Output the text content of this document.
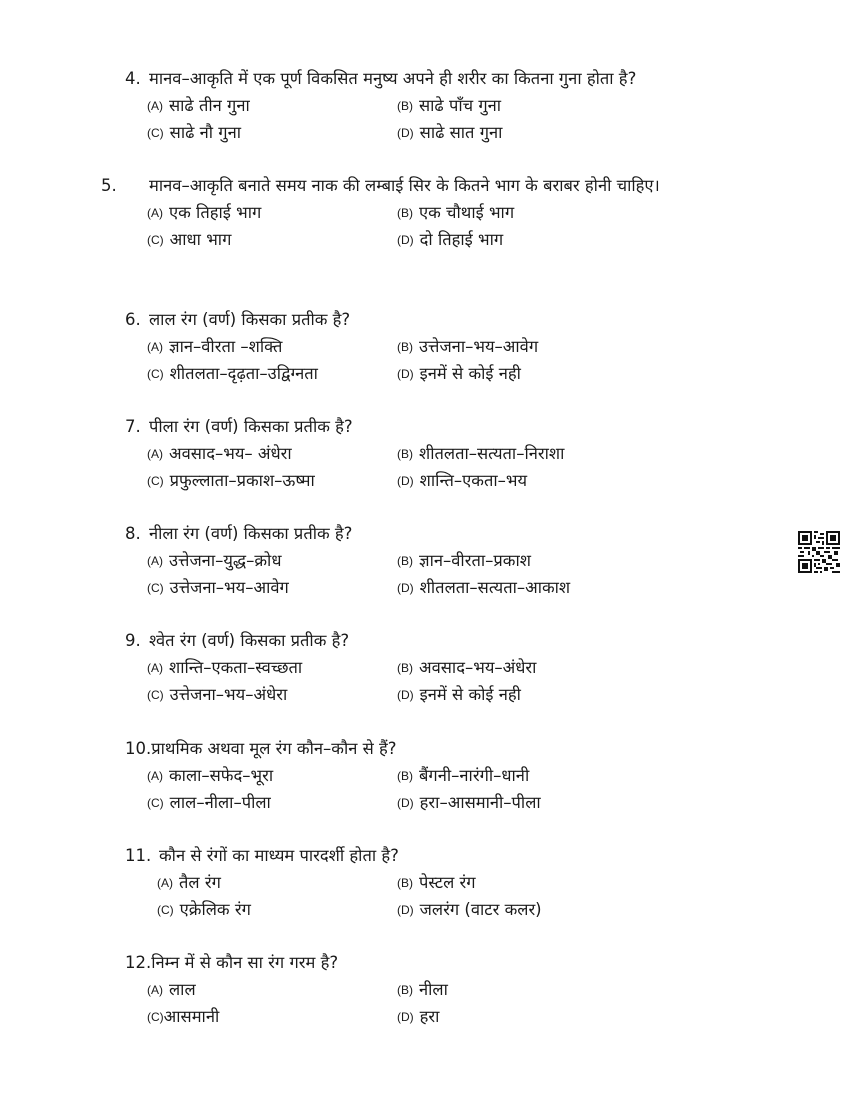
4. मानव–आकृति में एक पूर्ण विकसित मनुष्य अपने ही शरीर का कितना गुना होता है?
(A) साढे तीन गुना	(B) साढे पाँच गुना
(C) साढे नौ गुना	(D) साढे सात गुना
5. मानव–आकृति बनाते समय नाक की लम्बाई सिर के कितने भाग के बराबर होनी चाहिए।
(A) एक तिहाई भाग	(B) एक चौथाई भाग
(C) आधा भाग	(D) दो तिहाई भाग
6. लाल रंग (वर्ण) किसका प्रतीक है?
(A) ज्ञान–वीरता –शक्ति	(B) उत्तेजना–भय–आवेग
(C) शीतलता–दृढ़ता–उद्विग्नता	(D) इनमें से कोई नही
7. पीला रंग (वर्ण) किसका प्रतीक है?
(A) अवसाद–भय– अंधेरा	(B) शीतलता–सत्यता–निराशा
(C) प्रफुल्लाता–प्रकाश–ऊष्मा	(D) शान्ति–एकता–भय
8. नीला रंग (वर्ण) किसका प्रतीक है?
(A) उत्तेजना–युद्ध–क्रोध	(B) ज्ञान–वीरता–प्रकाश
(C) उत्तेजना–भय–आवेग	(D) शीतलता–सत्यता–आकाश
9. श्वेत रंग (वर्ण) किसका प्रतीक है?
(A) शान्ति–एकता–स्वच्छता	(B) अवसाद–भय–अंधेरा
(C) उत्तेजना–भय–अंधेरा	(D) इनमें से कोई नही
10.प्राथमिक अथवा मूल रंग कौन–कौन से हैं?
(A) काला–सफेद–भूरा	(B) बैंगनी–नारंगी–धानी
(C) लाल–नीला–पीला	(D) हरा–आसमानी–पीला
11. कौन से रंगों का माध्यम पारदर्शी होता है?
(A) तैल रंग	(B) पेस्टल रंग
(C) एक्रेलिक रंग	(D) जलरंग (वाटर कलर)
12.निम्न में से कौन सा रंग गरम है?
(A) लाल	(B) नीला
(C)आसमानी	(D) हरा
